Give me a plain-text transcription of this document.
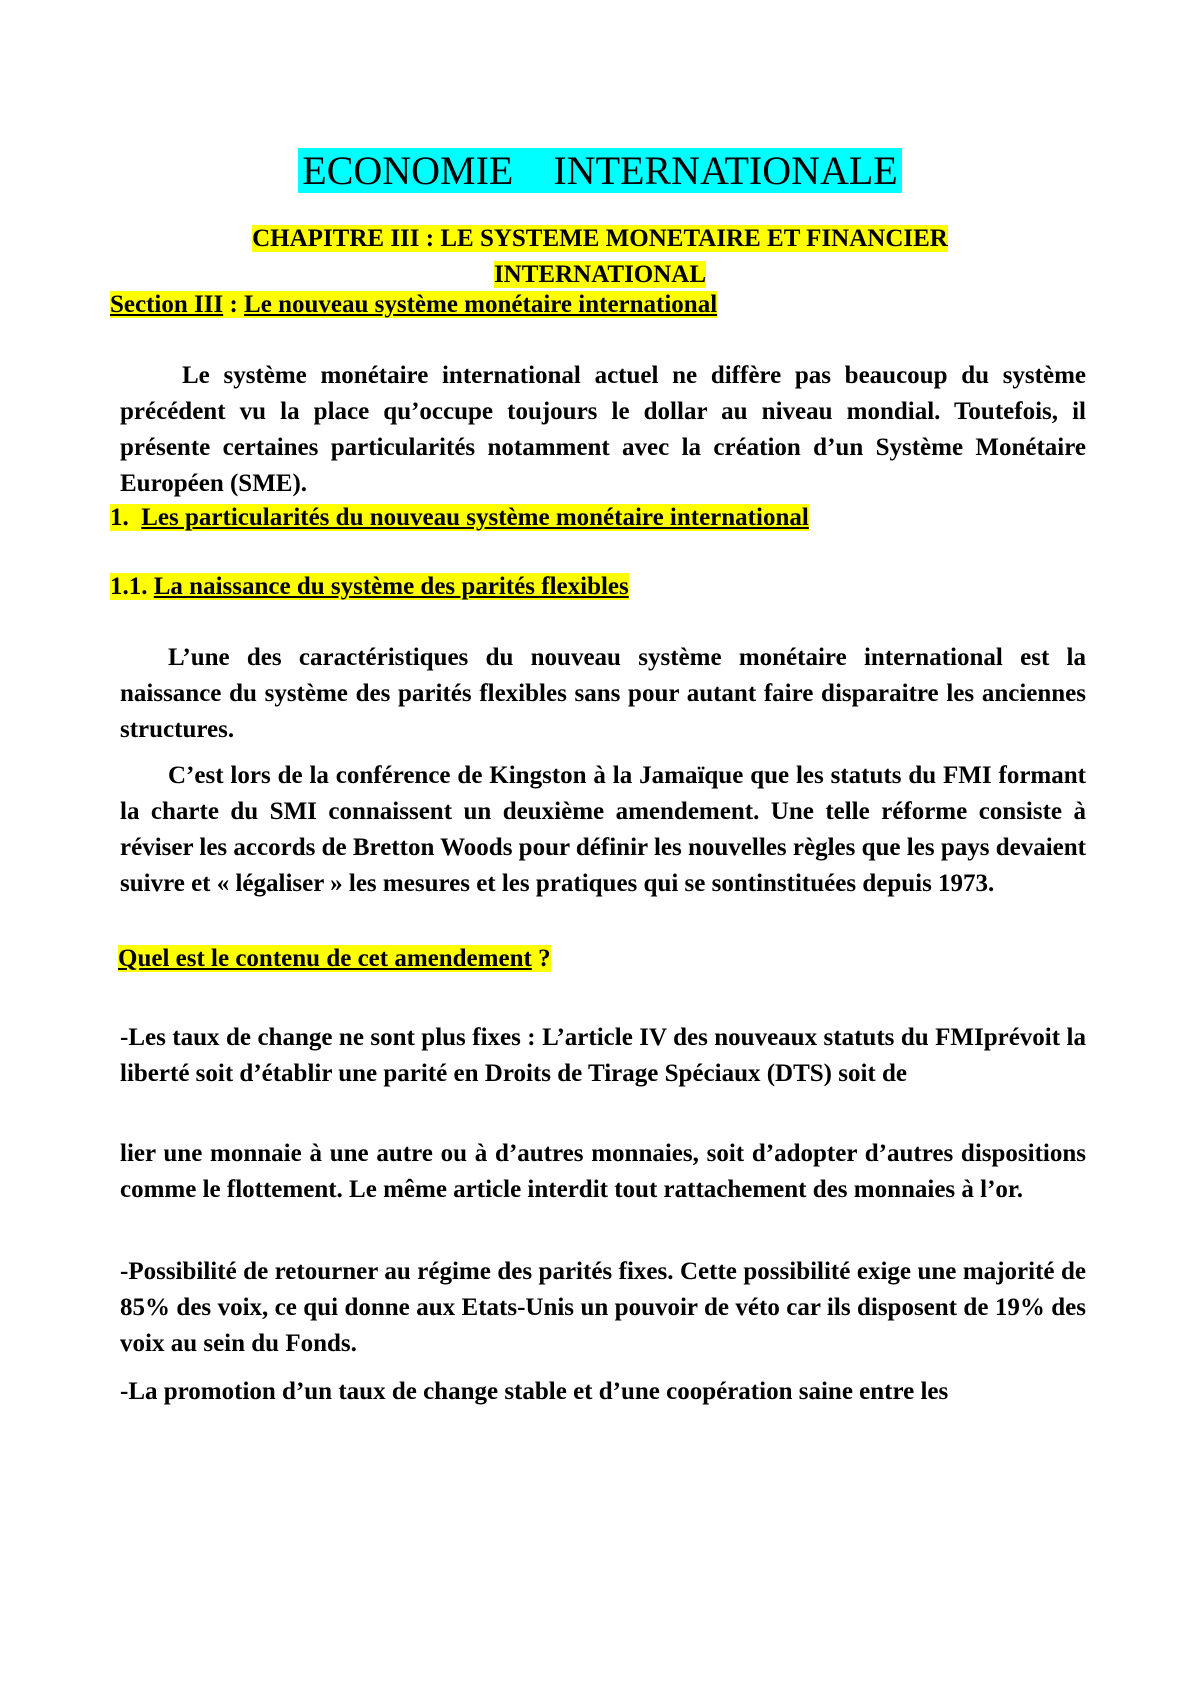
ECONOMIE    INTERNATIONALE
CHAPITRE III : LE SYSTEME MONETAIRE ET FINANCIER
INTERNATIONAL
Section III : Le nouveau système monétaire international
Le système monétaire international actuel ne diffère pas beaucoup du système précédent vu la place qu’occupe toujours le dollar au niveau mondial. Toutefois, il présente certaines particularités notamment avec la création d’un Système Monétaire Européen (SME).
1. Les particularités du nouveau système monétaire international
1.1. La naissance du système des parités flexibles
L’une des caractéristiques du nouveau système monétaire international est la naissance du système des parités flexibles sans pour autant faire disparaitre les anciennes structures.
C’est lors de la conférence de Kingston à la Jamaïque que les statuts du FMI formant la charte du SMI connaissent un deuxième amendement. Une telle réforme consiste à réviser les accords de Bretton Woods pour définir les nouvelles règles que les pays devaient suivre et « légaliser » les mesures et les pratiques qui se sontinstituées depuis 1973.
Quel est le contenu de cet amendement ?
-Les taux de change ne sont plus fixes : L’article IV des nouveaux statuts du FMIprévoit la liberté soit d’établir une parité en Droits de Tirage Spéciaux (DTS) soit de
lier une monnaie à une autre ou à d’autres monnaies, soit d’adopter d’autres dispositions comme le flottement. Le même article interdit tout rattachement des monnaies à l’or.
-Possibilité de retourner au régime des parités fixes. Cette possibilité exige une majorité de 85% des voix, ce qui donne aux Etats-Unis un pouvoir de véto car ils disposent de 19% des voix au sein du Fonds.
-La promotion d’un taux de change stable et d’une coopération saine entre les
